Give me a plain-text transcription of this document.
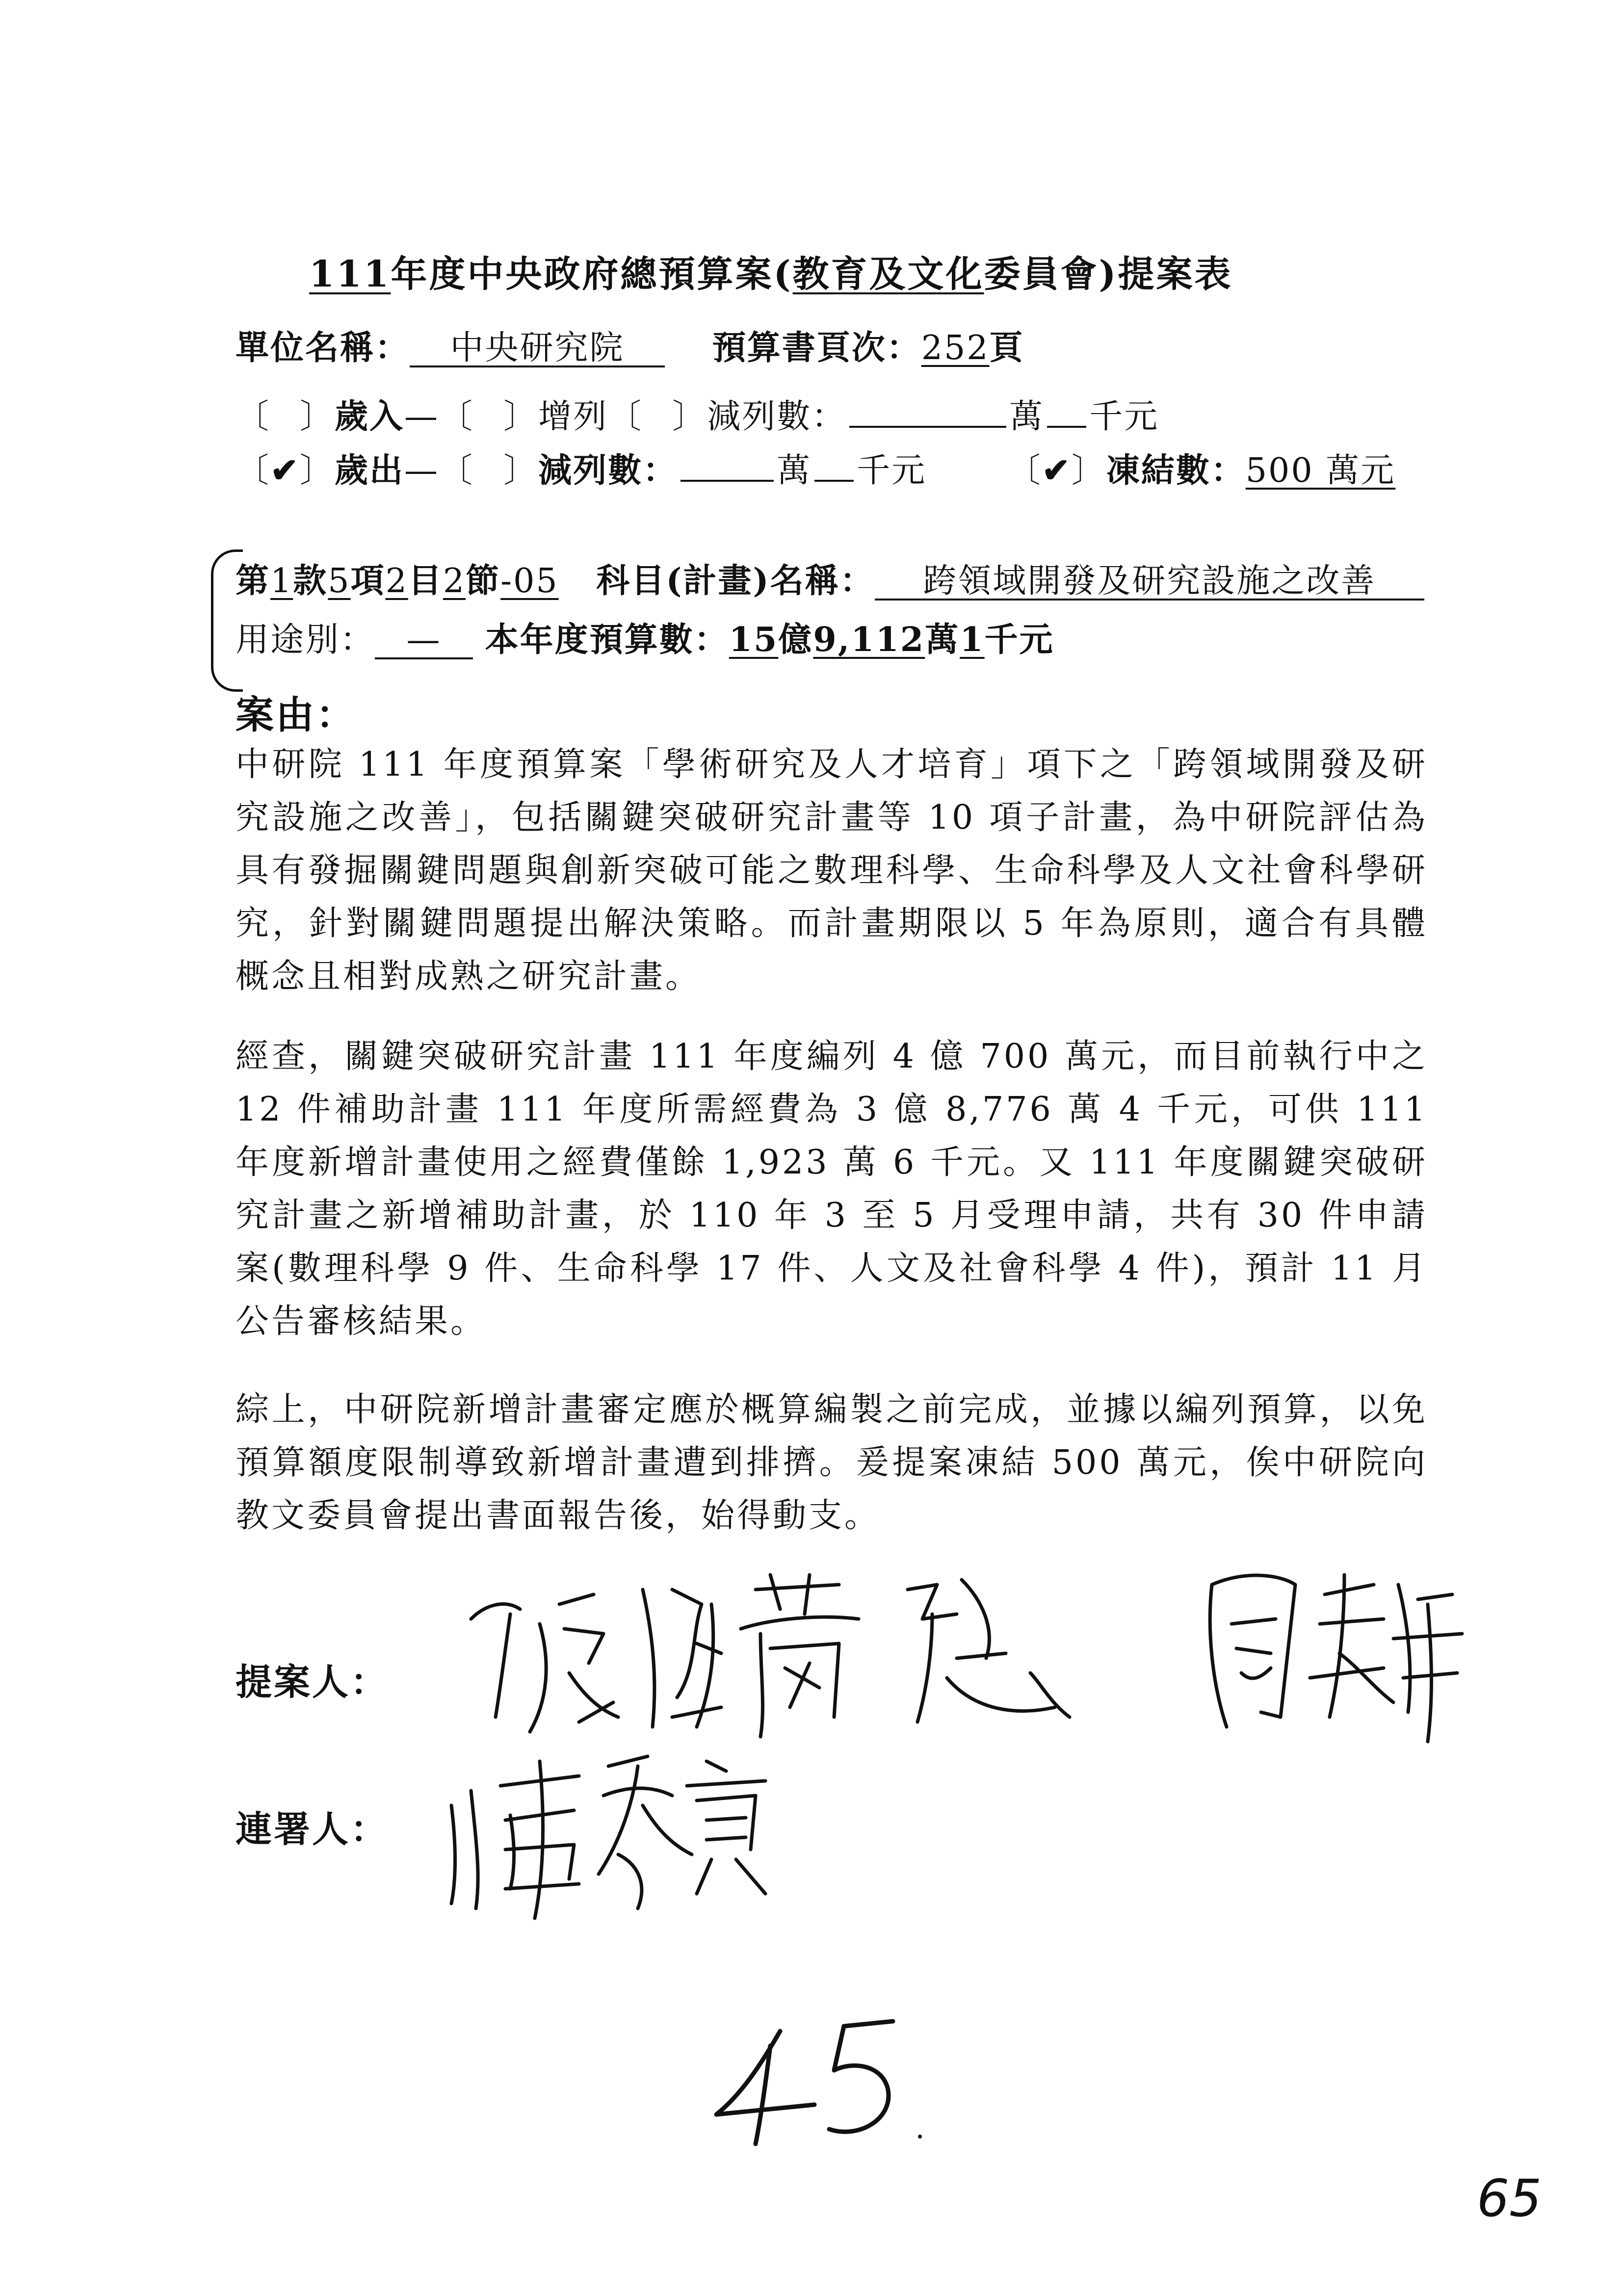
111年度中央政府總預算案(教育及文化委員會)提案表
單位名稱： 中央研究院	預算書頁次：252頁
〔 〕歲入—〔 〕增列〔 〕減列數：	萬 千元
〔✔〕歲出—〔 〕減列數：	萬 千元 〔✔〕凍結數：500 萬元
第1款5項2目2節-05 科目(計畫)名稱： 跨領域開發及研究設施之改善
用途別： — 本年度預算數：15億9,112萬1千元
案由：
中研院 111 年度預算案「學術研究及人才培育」項下之「跨領域開發及研究設施之改善」，包括關鍵突破研究計畫等 10 項子計畫，為中研院評估為具有發掘關鍵問題與創新突破可能之數理科學、生命科學及人文社會科學研究，針對關鍵問題提出解決策略。而計畫期限以 5 年為原則，適合有具體概念且相對成熟之研究計畫。
經查，關鍵突破研究計畫 111 年度編列 4 億 700 萬元，而目前執行中之 12 件補助計畫 111 年度所需經費為 3 億 8,776 萬 4 千元，可供 111 年度新增計畫使用之經費僅餘 1,923 萬 6 千元。又 111 年度關鍵突破研究計畫之新增補助計畫，於 110 年 3 至 5 月受理申請，共有 30 件申請案(數理科學 9 件、生命科學 17 件、人文及社會科學 4 件)，預計 11 月公告審核結果。
綜上，中研院新增計畫審定應於概算編製之前完成，並據以編列預算，以免預算額度限制導致新增計畫遭到排擠。爰提案凍結 500 萬元，俟中研院向教文委員會提出書面報告後，始得動支。
提案人：
連署人：
65
